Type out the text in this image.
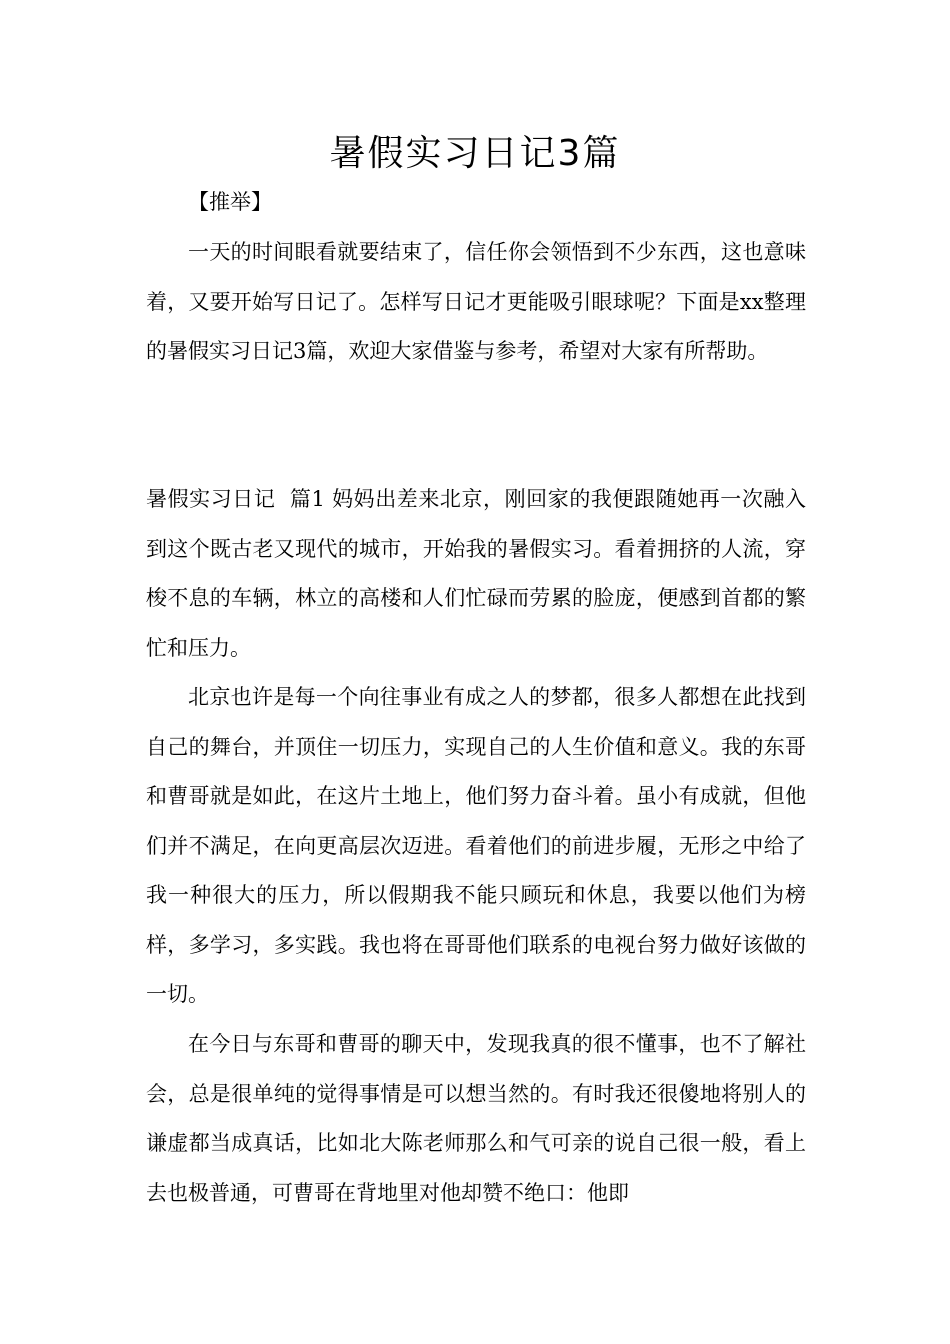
暑假实习日记3篇
【推举】

一天的时间眼看就要结束了，信任你会领悟到不少东西，这也意味着，又要开始写日记了。怎样写日记才更能吸引眼球呢？下面是xx整理的暑假实习日记3篇，欢迎大家借鉴与参考，希望对大家有所帮助。

暑假实习日记  篇1 妈妈出差来北京，刚回家的我便跟随她再一次融入到这个既古老又现代的城市，开始我的暑假实习。看着拥挤的人流，穿梭不息的车辆，林立的高楼和人们忙碌而劳累的脸庞，便感到首都的繁忙和压力。

北京也许是每一个向往事业有成之人的梦都，很多人都想在此找到自己的舞台，并顶住一切压力，实现自己的人生价值和意义。我的东哥和曹哥就是如此，在这片土地上，他们努力奋斗着。虽小有成就，但他们并不满足，在向更高层次迈进。看着他们的前进步履，无形之中给了我一种很大的压力，所以假期我不能只顾玩和休息，我要以他们为榜样，多学习，多实践。我也将在哥哥他们联系的电视台努力做好该做的一切。

在今日与东哥和曹哥的聊天中，发现我真的很不懂事，也不了解社会，总是很单纯的觉得事情是可以想当然的。有时我还很傻地将别人的谦虚都当成真话，比如北大陈老师那么和气可亲的说自己很一般，看上去也极普通，可曹哥在背地里对他却赞不绝口：他即
